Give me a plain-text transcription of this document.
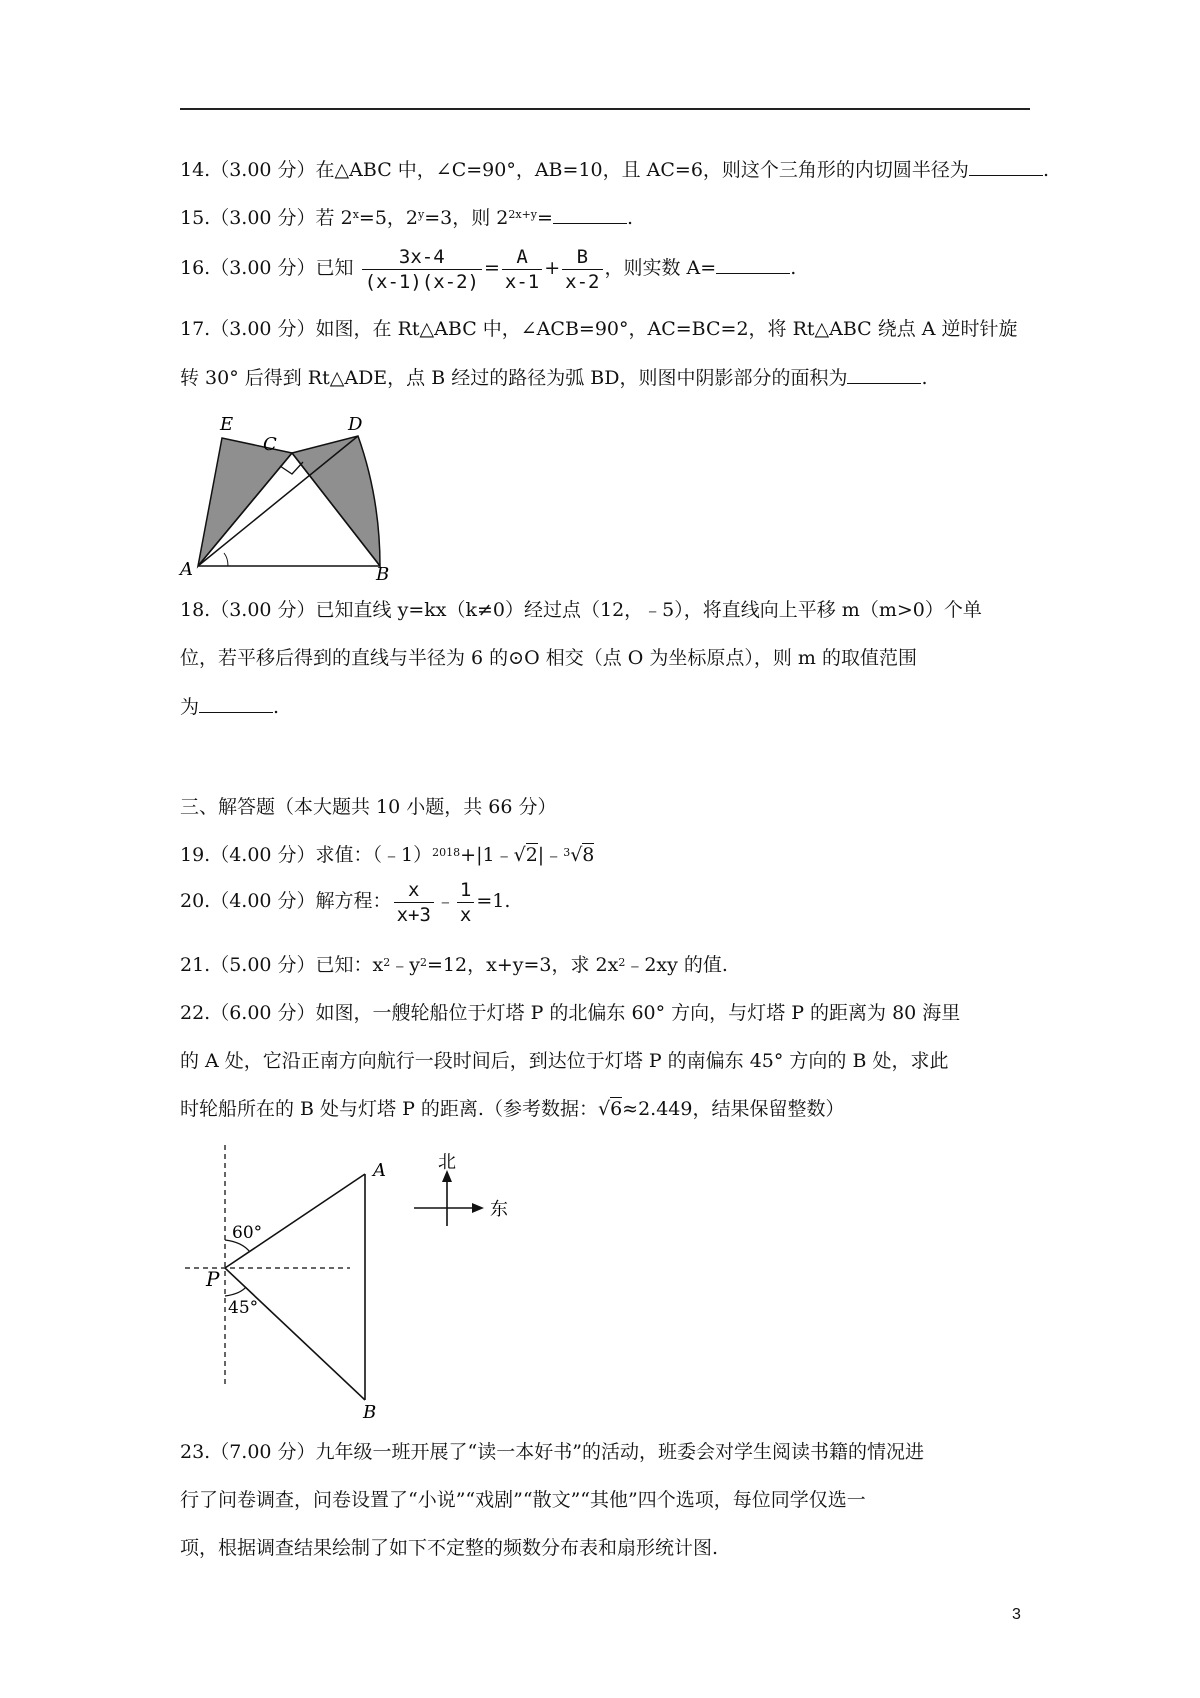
14.（3.00 分）在△ABC 中，∠C=90°，AB=10，且 AC=6，则这个三角形的内切圆半径为	.
15.（3.00 分）若 $2^x=5$，$2^y=3$，则 $2^{2x+y}=$	.
16.（3.00 分）已知 $\frac{3x-4}{(x-1)(x-2)} = \frac{A}{x-1} + \frac{B}{x-2}$ ，则实数 A=	.
17.（3.00 分）如图，在 Rt△ABC 中，∠ACB=90°，AC=BC=2，将 Rt△ABC 绕点 A 逆时针旋
转 30° 后得到 Rt△ADE，点 B 经过的路径为弧 BD，则图中阴影部分的面积为	.
E
C
D
A	B
18.（3.00 分）已知直线 y=kx（k≠0）经过点（12，﹣5），将直线向上平移 m（m>0）个单
位，若平移后得到的直线与半径为 6 的⊙O 相交（点 O 为坐标原点），则 m 的取值范围
为	.
三、解答题（本大题共 10 小题，共 66 分）
19.（4.00 分）求值：（﹣1）$^{2018}$+|1﹣√2|﹣$^3$√8
20.（4.00 分）解方程： $\frac{x}{x+3}$ ﹣ $\frac{1}{x} =1$.
21.（5.00 分）已知：$x^2﹣y^2=12$，x+y=3，求 $2x^2﹣2xy$ 的值.
22.（6.00 分）如图，一艘轮船位于灯塔 P 的北偏东 60° 方向，与灯塔 P 的距离为 80 海里
的 A 处，它沿正南方向航行一段时间后，到达位于灯塔 P 的南偏东 45° 方向的 B 处，求此
时轮船所在的 B 处与灯塔 P 的距离.（参考数据：√6≈2.449，结果保留整数）
60°
45°
P
A
B
北
东
23.（7.00 分）九年级一班开展了“读一本好书”的活动，班委会对学生阅读书籍的情况进
行了问卷调查，问卷设置了“小说”“戏剧”“散文”“其他”四个选项，每位同学仅选一
项，根据调查结果绘制了如下不定整的频数分布表和扇形统计图.
3
